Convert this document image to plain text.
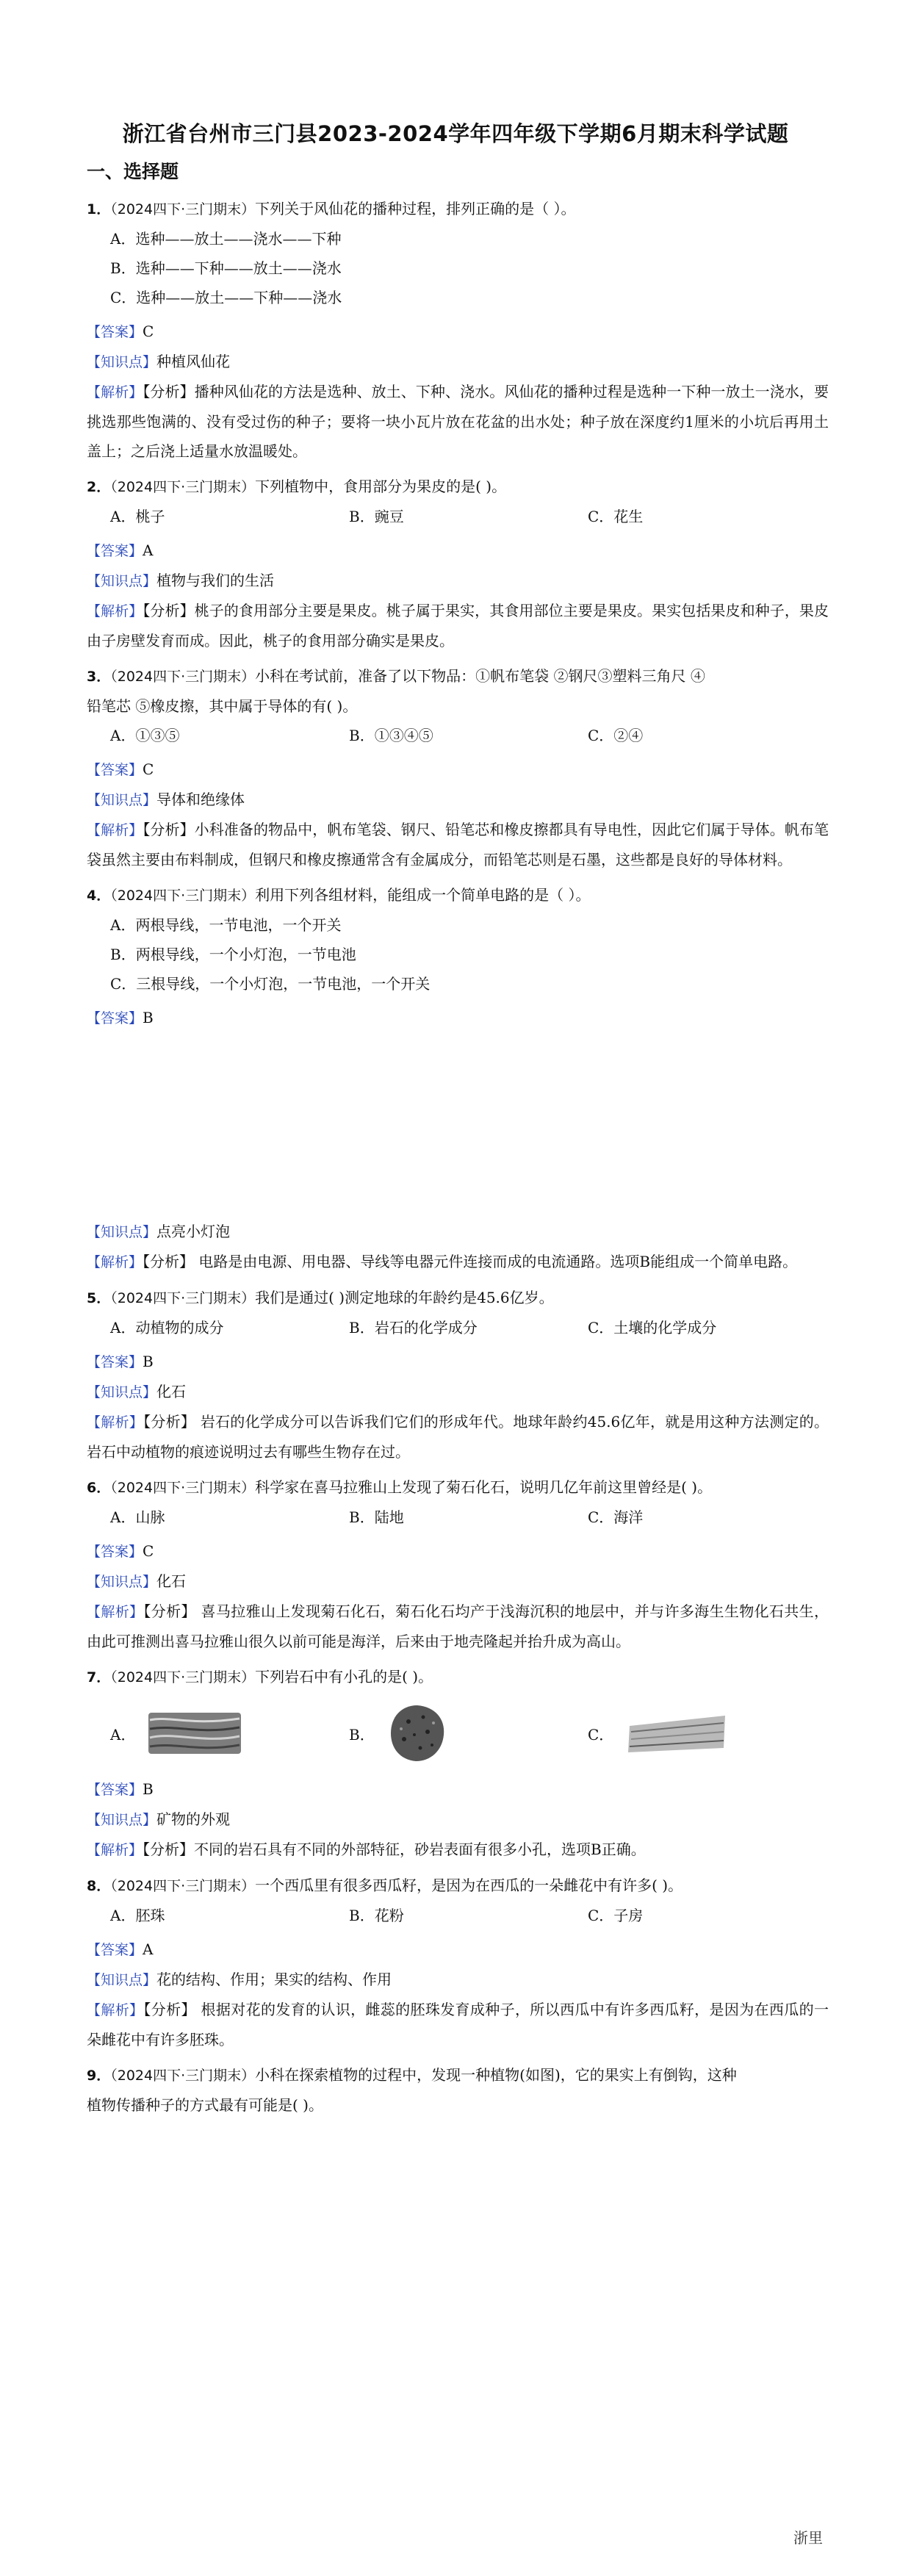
浙江省台州市三门县2023-2024学年四年级下学期6月期末科学试题
一、选择题
1．（2024四下·三门期末）下列关于风仙花的播种过程，排列正确的是（ ）。
A．选种——放土——浇水——下种
B．选种——下种——放土——浇水
C．选种——放土——下种——浇水
【答案】C
【知识点】种植风仙花
【解析】【分析】播种风仙花的方法是选种、放土、下种、浇水。风仙花的播种过程是选种一下种一放土一浇水，要挑选那些饱满的、没有受过伤的种子；要将一块小瓦片放在花盆的出水处；种子放在深度约1厘米的小坑后再用土盖上；之后浇上适量水放温暖处。
2．（2024四下·三门期末）下列植物中，食用部分为果皮的是( )。
A．桃子	B．豌豆	C．花生
【答案】A
【知识点】植物与我们的生活
【解析】【分析】桃子的食用部分主要是果皮。桃子属于果实，其食用部位主要是果皮。果实包括果皮和种子，果皮由子房壁发育而成。因此，桃子的食用部分确实是果皮。
3．（2024四下·三门期末）小科在考试前，准备了以下物品：①帆布笔袋 ②钢尺③塑料三角尺 ④
铅笔芯 ⑤橡皮擦，其中属于导体的有( )。
A．①③⑤	B．①③④⑤	C．②④
【答案】C
【知识点】导体和绝缘体
【解析】【分析】小科准备的物品中，帆布笔袋、钢尺、铅笔芯和橡皮擦都具有导电性，因此它们属于导体。帆布笔袋虽然主要由布料制成，但钢尺和橡皮擦通常含有金属成分，而铅笔芯则是石墨，这些都是良好的导体材料。
4．（2024四下·三门期末）利用下列各组材料，能组成一个简单电路的是（ ）。
A．两根导线，一节电池，一个开关
B．两根导线，一个小灯泡，一节电池
C．三根导线，一个小灯泡，一节电池，一个开关
【答案】B
【知识点】点亮小灯泡
【解析】【分析】 电路是由电源、用电器、导线等电器元件连接而成的电流通路。选项B能组成一个简单电路。
5．（2024四下·三门期末）我们是通过( )测定地球的年龄约是45.6亿岁。
A．动植物的成分	B．岩石的化学成分	C．土壤的化学成分
【答案】B
【知识点】化石
【解析】【分析】 岩石的化学成分可以告诉我们它们的形成年代。地球年龄约45.6亿年，就是用这种方法测定的。岩石中动植物的痕迹说明过去有哪些生物存在过。
6．（2024四下·三门期末）科学家在喜马拉雅山上发现了菊石化石，说明几亿年前这里曾经是( )。
A．山脉	B．陆地	C．海洋
【答案】C
【知识点】化石
【解析】【分析】 喜马拉雅山上发现菊石化石，菊石化石均产于浅海沉积的地层中，并与许多海生生物化石共生，由此可推测出喜马拉雅山很久以前可能是海洋，后来由于地壳隆起并抬升成为高山。
7．（2024四下·三门期末）下列岩石中有小孔的是( )。
A．	B．	C．
【答案】B
【知识点】矿物的外观
【解析】【分析】不同的岩石具有不同的外部特征，砂岩表面有很多小孔，选项B正确。
8．（2024四下·三门期末）一个西瓜里有很多西瓜籽，是因为在西瓜的一朵雌花中有许多( )。
A．胚珠	B．花粉	C．子房
【答案】A
【知识点】花的结构、作用；果实的结构、作用
【解析】【分析】 根据对花的发育的认识，雌蕊的胚珠发育成种子，所以西瓜中有许多西瓜籽，是因为在西瓜的一朵雌花中有许多胚珠。
9．（2024四下·三门期末）小科在探索植物的过程中，发现一种植物(如图)，它的果实上有倒钩，这种
植物传播种子的方式最有可能是( )。
浙里
